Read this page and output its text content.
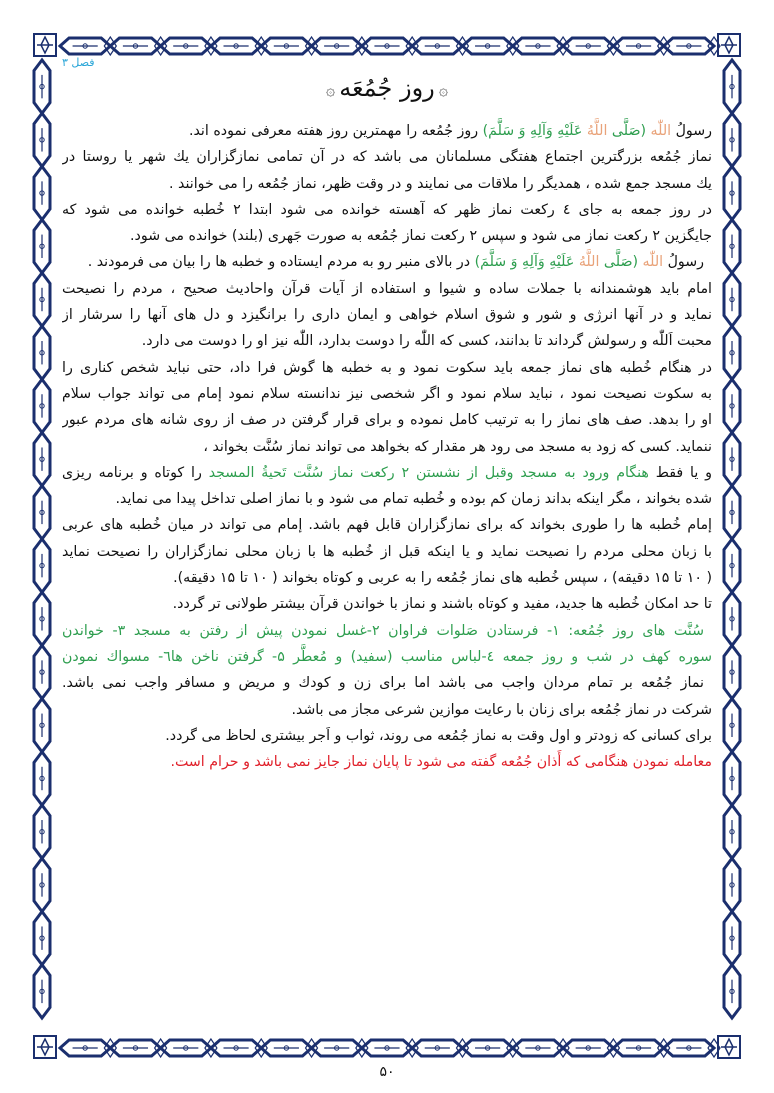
فصل ۳
۞روز جُمُعَه۞
رسولُ اللّٰه (صَلَّی اللَّهُ عَلَيْهِ وَآلِهِ وَ سَلَّمَ) روز جُمُعه را مهمترین روز هفته معرفی نموده اند.
نماز جُمُعه بزرگترین اجتماع هفتگی مسلمانان می باشد که در آن تمامی نمازگزاران یك شهر یا روستا در
یك مسجد جمع شده ، همدیگر را ملاقات می نمایند و در وقت ظهر، نماز جُمُعه را می خوانند .
در روز جمعه به جای ٤ رکعت نماز ظهر که آهسته خوانده می شود ابتدا ۲ خُطبه خوانده می شود که
جایگزین ۲ رکعت نماز می شود و سپس ۲ رکعت نماز جُمُعه به صورت جَهری (بلند) خوانده می شود.
رسولُ اللّٰه (صَلَّی اللَّهُ عَلَيْهِ وَآلِهِ وَ سَلَّمَ) در بالای منبر رو به مردم ایستاده و خطبه ها را بیان می فرمودند .
امام باید هوشمندانه با جملات ساده و شیوا و استفاده از آیات قرآن واحادیث صحیح ، مردم را نصیحت
نماید و در آنها انرژی و شور و شوق اسلام خواهی و ایمان داری را برانگیزد و دل های آنها را سرشار از
محبت اَللّٰه و رسولش گرداند تا بدانند، کسی که اللّٰه را دوست بدارد، اللّٰه نیز او را دوست می دارد.
در هنگام خُطبه های نماز جمعه باید سکوت نمود و به خطبه ها گوش فرا داد، حتی نباید شخص کناری را
به سکوت نصیحت نمود ، نباید سلام نمود و اگر شخصی نیز ندانسته سلام نمود إمام می تواند جواب سلام
او را بدهد. صف های نماز را به ترتیب کامل نموده و برای قرار گرفتن در صف از روی شانه های مردم عبور
ننماید. کسی که زود به مسجد می رود هر مقدار که بخواهد می تواند نماز سُنَّت بخواند ،
و یا فقط هنگام ورود به مسجد وقبل از نشستن ۲ رکعت نماز سُنَّت تَحیةُ المسجد را کوتاه و برنامه ریزی
شده بخواند ، مگر اینکه بداند زمان کم بوده و خُطبه تمام می شود و با نماز اصلی تداخل پیدا می نماید.
إمام خُطبه ها را طوری بخواند که برای نمازگزاران قابل فهم باشد. إمام می تواند در میان خُطبه های عربی
با زبان محلی مردم را نصیحت نماید و یا اینکه قبل از خُطبه ها با زبان محلی نمازگزاران را نصیحت نماید
( ۱۰ تا ۱۵ دقیقه) ، سپس خُطبه های نماز جُمُعه را به عربی و کوتاه بخواند ( ۱۰ تا ۱۵ دقیقه).
تا حد امکان خُطبه ها جدید، مفید و کوتاه باشند و نماز با خواندن قرآن بیشتر طولانی تر گردد.
سُنَّت های روز جُمُعه: ۱- فرستادن صَلوات فراوان ۲-غسل نمودن پیش از رفتن به مسجد ۳- خواندن
سوره کهف در شب و روز جمعه ٤-لباس مناسب (سفید) و مُعطَّر ۵- گرفتن ناخن ها٦- مسواك نمودن
نماز جُمُعه بر تمام مردان واجب می باشد اما برای زن و کودك و مریض و مسافر واجب نمی باشد.
شرکت در نماز جُمُعه برای زنان با رعایت موازین شرعی مجاز می باشد.
برای کسانی که زودتر و اول وقت به نماز جُمُعه می روند، ثواب و اَجر بیشتری لحاظ می گردد.
معامله نمودن هنگامی که أَذان جُمُعه گفته می شود تا پایان نماز جایز نمی باشد و حرام است.
۵۰
